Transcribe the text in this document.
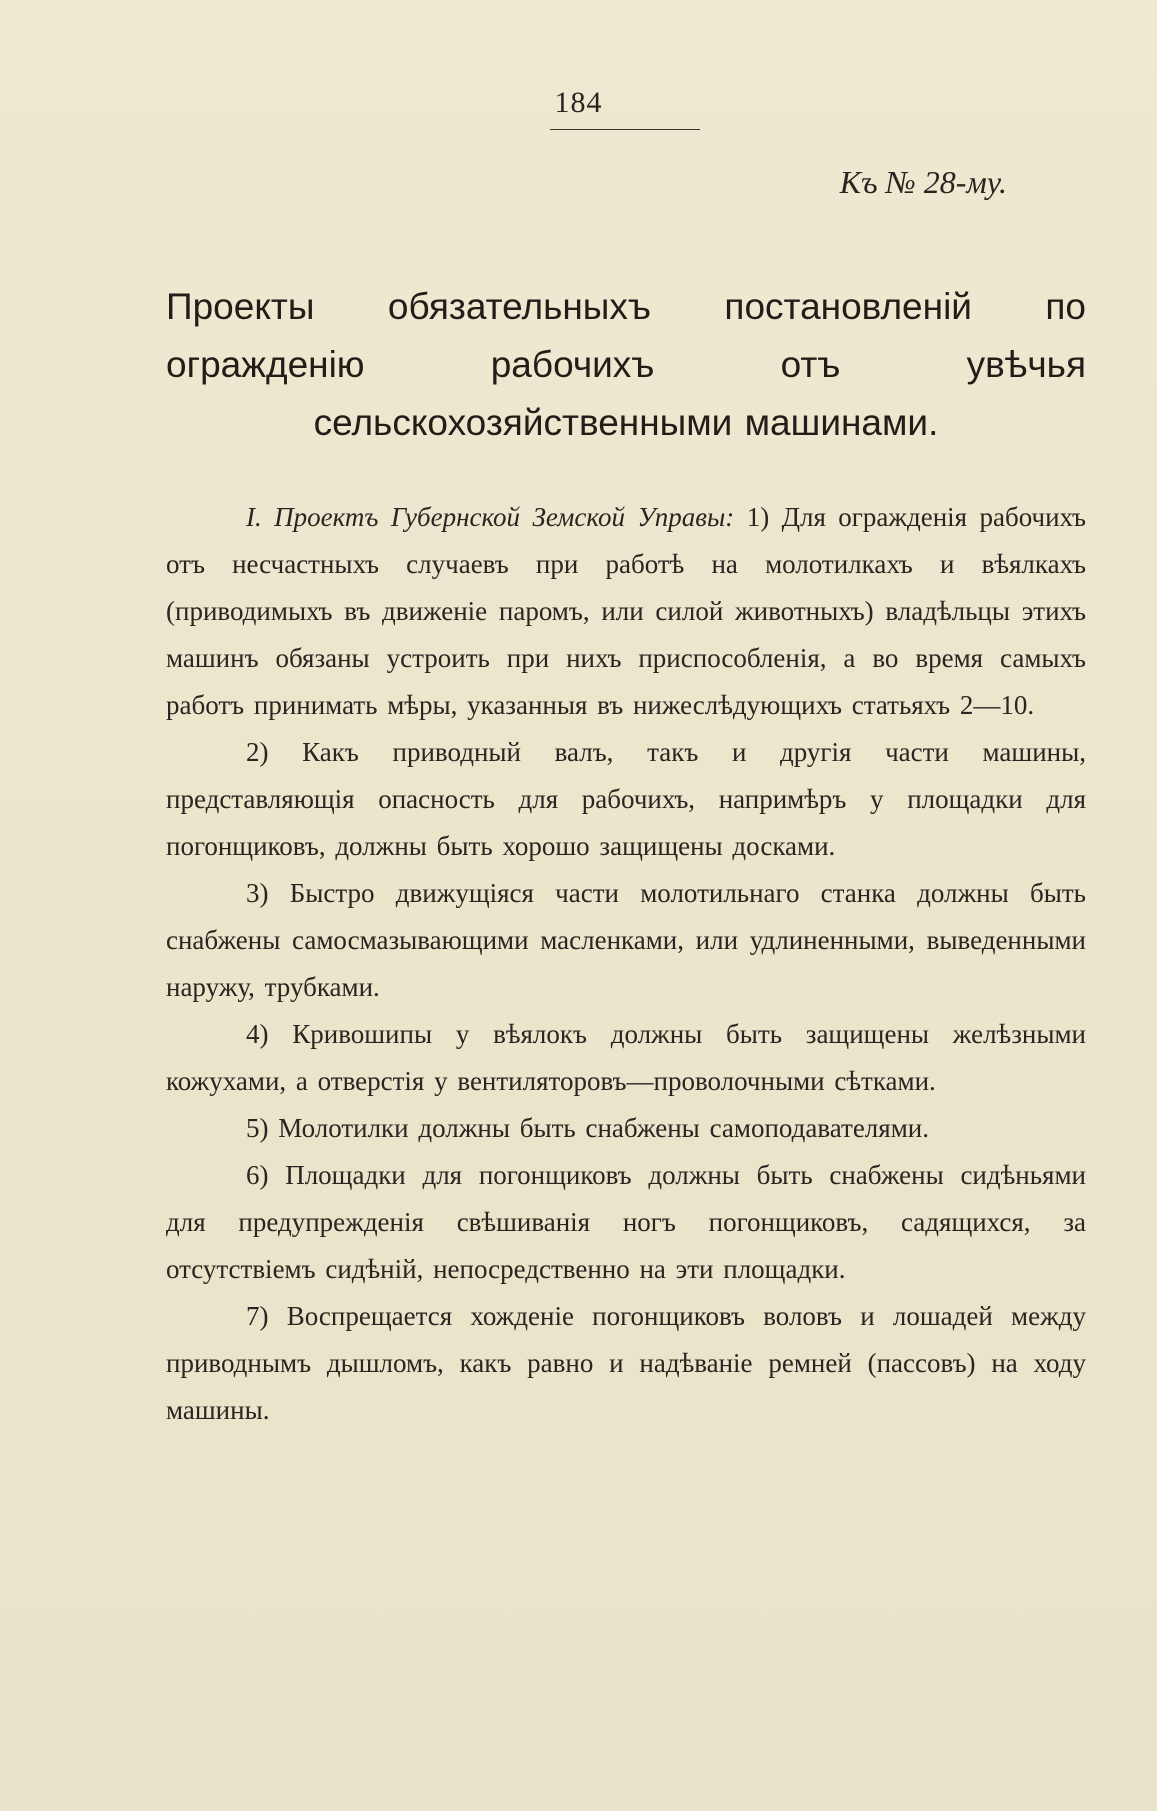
184
Къ № 28-му.
Проекты обязательныхъ постановленій по огражденію рабочихъ отъ увѣчья сельскохозяйственными машинами.

I. Проектъ Губернской Земской Управы: 1) Для огражденія рабочихъ отъ несчастныхъ случаевъ при работѣ на молотилкахъ и вѣялкахъ (приводимыхъ въ движеніе паромъ, или силой животныхъ) владѣльцы этихъ машинъ обязаны устроить при нихъ приспособленія, а во время самыхъ работъ принимать мѣры, указанныя въ нижеслѣдующихъ статьяхъ 2—10.

2) Какъ приводный валъ, такъ и другія части машины, представляющія опасность для рабочихъ, напримѣръ у площадки для погонщиковъ, должны быть хорошо защищены досками.

3) Быстро движущіяся части молотильнаго станка должны быть снабжены самосмазывающими масленками, или удлиненными, выведенными наружу, трубками.

4) Кривошипы у вѣялокъ должны быть защищены желѣзными кожухами, а отверстія у вентиляторовъ—проволочными сѣтками.

5) Молотилки должны быть снабжены самоподавателями.

6) Площадки для погонщиковъ должны быть снабжены сидѣньями для предупрежденія свѣшиванія ногъ погонщиковъ, садящихся, за отсутствіемъ сидѣній, непосредственно на эти площадки.

7) Воспрещается хожденіе погонщиковъ воловъ и лошадей между приводнымъ дышломъ, какъ равно и надѣваніе ремней (пассовъ) на ходу машины.
